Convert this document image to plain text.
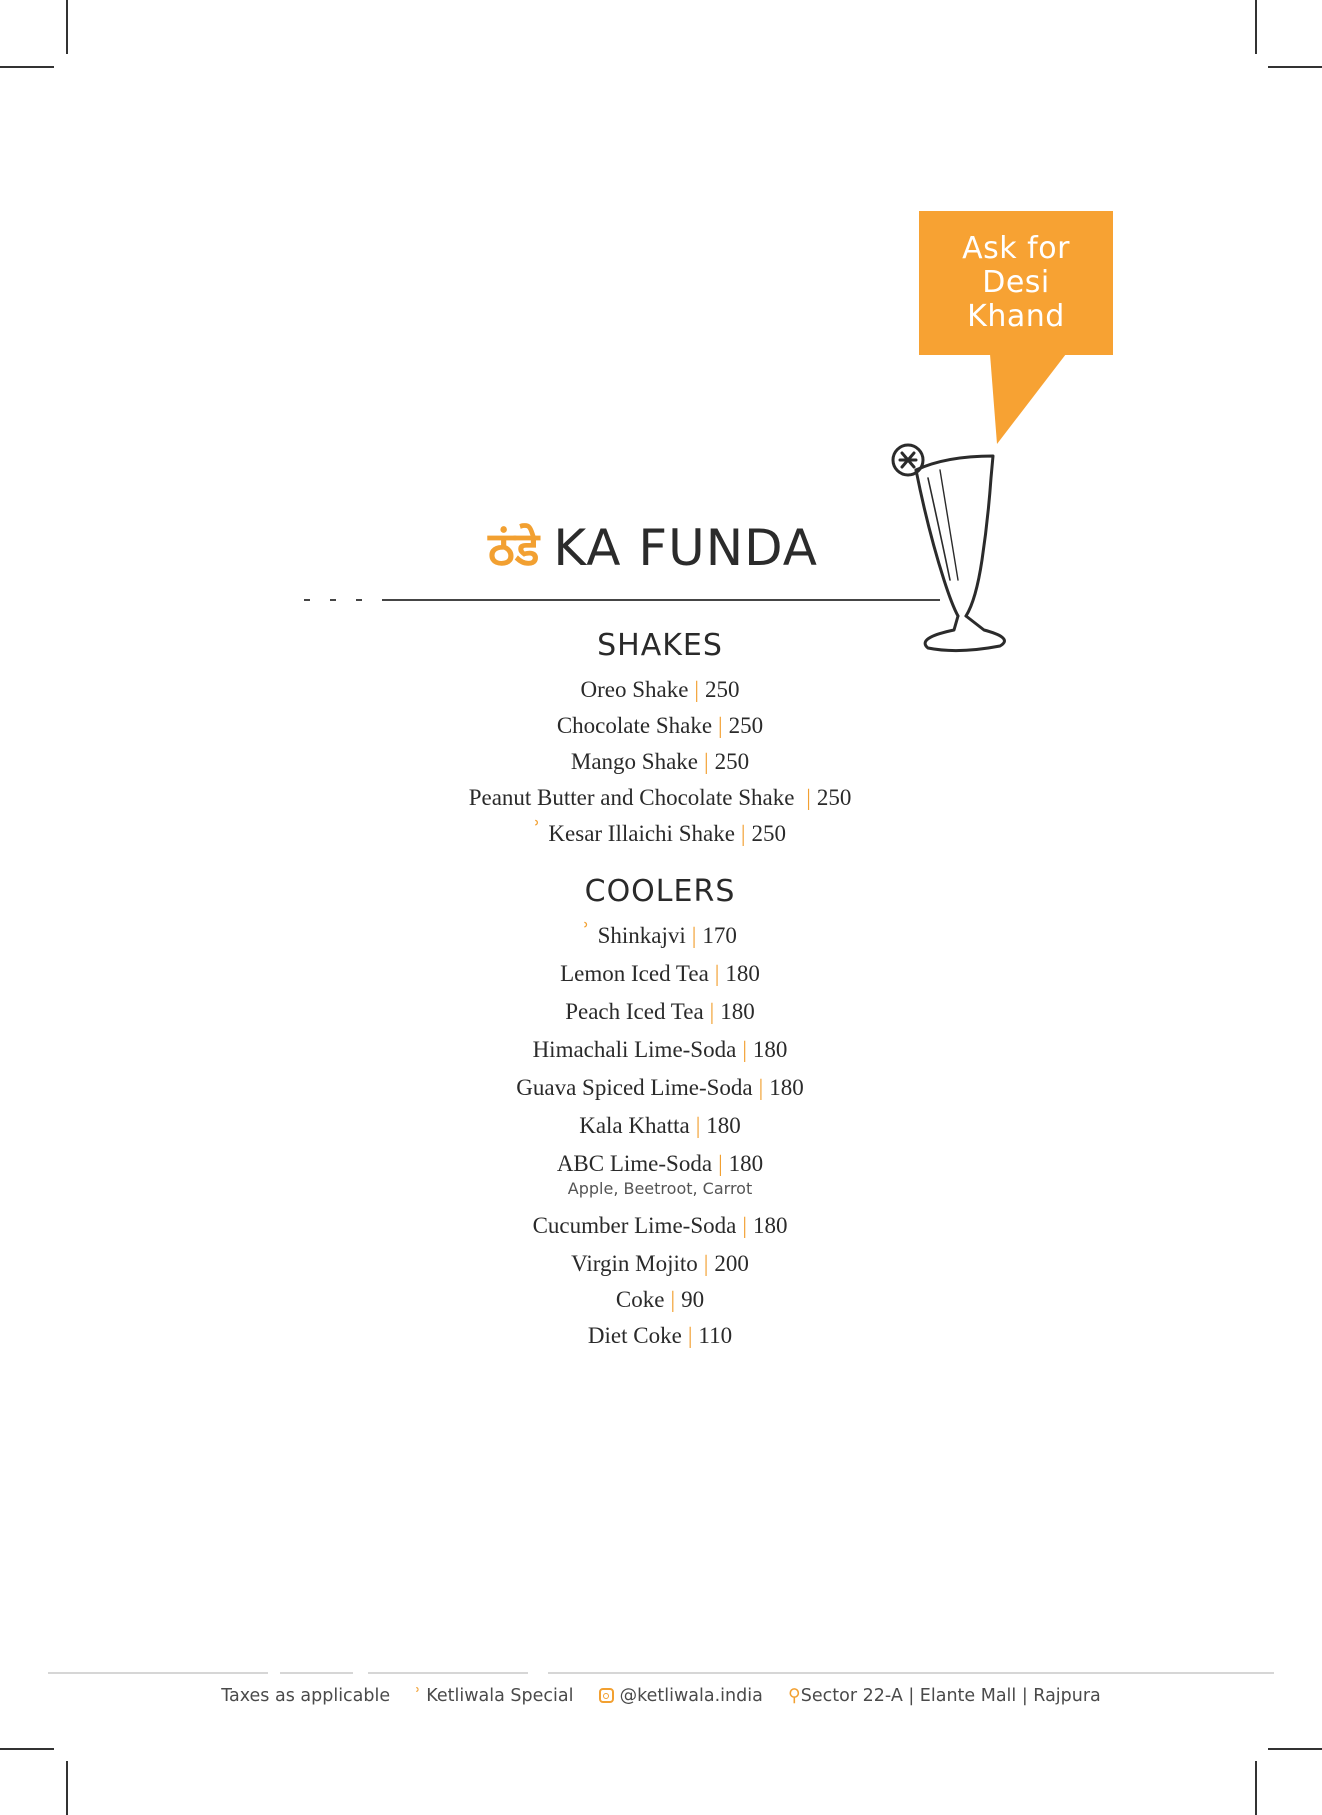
Ask for Desi Khand
ठंडे KA FUNDA
SHAKES
Oreo Shake | 250
Chocolate Shake | 250
Mango Shake | 250
Peanut Butter and Chocolate Shake | 250
ʾ Kesar Illaichi Shake | 250
COOLERS
ʾ Shinkajvi | 170
Lemon Iced Tea | 180
Peach Iced Tea | 180
Himachali Lime-Soda | 180
Guava Spiced Lime-Soda | 180
Kala Khatta | 180
ABC Lime-Soda | 180
Apple, Beetroot, Carrot
Cucumber Lime-Soda | 180
Virgin Mojito | 200
Coke | 90
Diet Coke | 110
Taxes as applicable ʾ Ketliwala Special	@ketliwala.india ⚲Sector 22-A | Elante Mall | Rajpura
